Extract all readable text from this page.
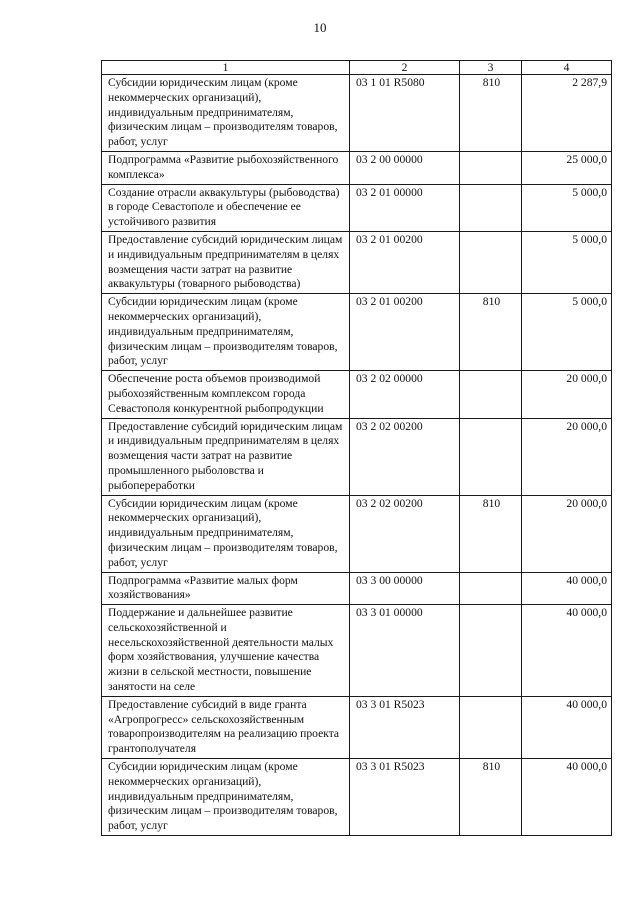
10
1	2	3	4
Субсидии юридическим лицам (кроме некоммерческих организаций), индивидуальным предпринимателям, физическим лицам – производителям товаров, работ, услуг	03 1 01 R5080	810	2 287,9
Подпрограмма «Развитие рыбохозяйственного комплекса»	03 2 00 00000		25 000,0
Создание отрасли аквакультуры (рыбоводства) в городе Севастополе и обеспечение ее устойчивого развития	03 2 01 00000		5 000,0
Предоставление субсидий юридическим лицам и индивидуальным предпринимателям в целях возмещения части затрат на развитие аквакультуры (товарного рыбоводства)	03 2 01 00200		5 000,0
Субсидии юридическим лицам (кроме некоммерческих организаций), индивидуальным предпринимателям, физическим лицам – производителям товаров, работ, услуг	03 2 01 00200	810	5 000,0
Обеспечение роста объемов производимой рыбохозяйственным комплексом города Севастополя конкурентной рыбопродукции	03 2 02 00000		20 000,0
Предоставление субсидий юридическим лицам и индивидуальным предпринимателям в целях возмещения части затрат на развитие промышленного рыболовства и рыбопереработки	03 2 02 00200		20 000,0
Субсидии юридическим лицам (кроме некоммерческих организаций), индивидуальным предпринимателям, физическим лицам – производителям товаров, работ, услуг	03 2 02 00200	810	20 000,0
Подпрограмма «Развитие малых форм хозяйствования»	03 3 00 00000		40 000,0
Поддержание и дальнейшее развитие сельскохозяйственной и несельскохозяйственной деятельности малых форм хозяйствования, улучшение качества жизни в сельской местности, повышение занятости на селе	03 3 01 00000		40 000,0
Предоставление субсидий в виде гранта «Агропрогресс» сельскохозяйственным товаропроизводителям на реализацию проекта грантополучателя	03 3 01 R5023		40 000,0
Субсидии юридическим лицам (кроме некоммерческих организаций), индивидуальным предпринимателям, физическим лицам – производителям товаров, работ, услуг	03 3 01 R5023	810	40 000,0
